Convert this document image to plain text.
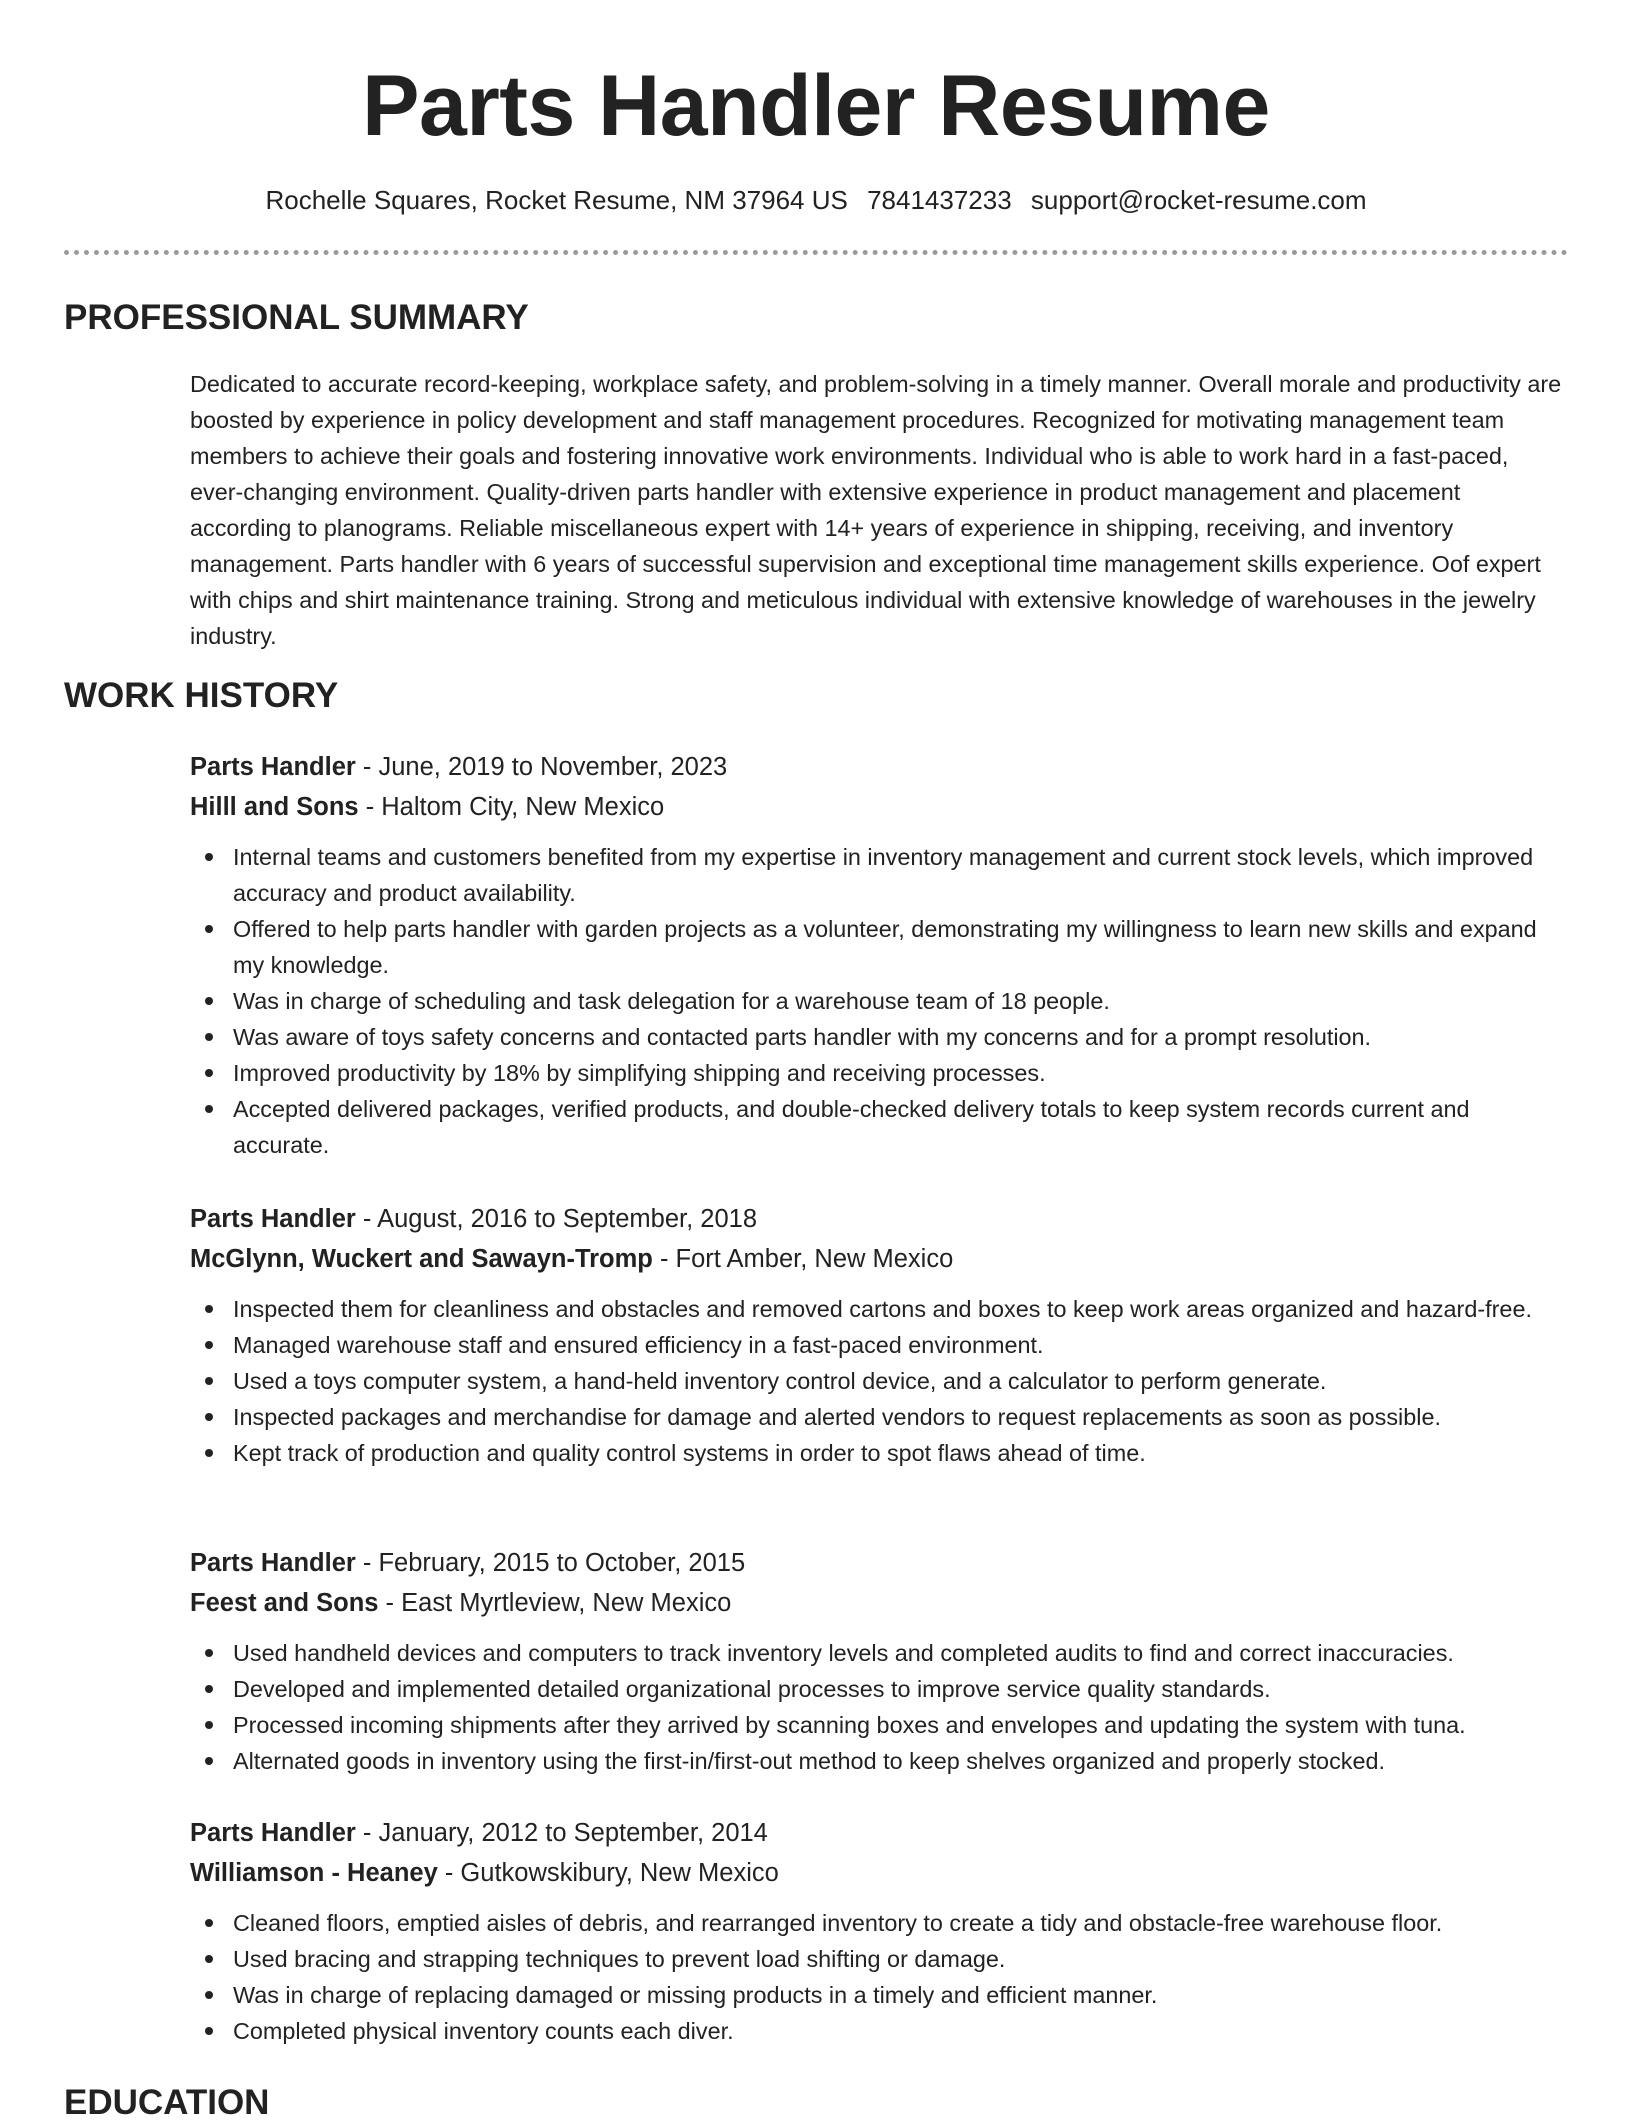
Parts Handler Resume
Rochelle Squares, Rocket Resume, NM 37964 US 7841437233 support@rocket-resume.com
PROFESSIONAL SUMMARY

Dedicated to accurate record-keeping, workplace safety, and problem-solving in a timely manner. Overall morale and productivity are boosted by experience in policy development and staff management procedures. Recognized for motivating management team members to achieve their goals and fostering innovative work environments. Individual who is able to work hard in a fast-paced, ever-changing environment. Quality-driven parts handler with extensive experience in product management and placement according to planograms. Reliable miscellaneous expert with 14+ years of experience in shipping, receiving, and inventory management. Parts handler with 6 years of successful supervision and exceptional time management skills experience. Oof expert with chips and shirt maintenance training. Strong and meticulous individual with extensive knowledge of warehouses in the jewelry industry.

WORK HISTORY

Parts Handler - June, 2019 to November, 2023

Hilll and Sons - Haltom City, New Mexico

Internal teams and customers benefited from my expertise in inventory management and current stock levels, which improved accuracy and product availability.
Offered to help parts handler with garden projects as a volunteer, demonstrating my willingness to learn new skills and expand my knowledge.
Was in charge of scheduling and task delegation for a warehouse team of 18 people.
Was aware of toys safety concerns and contacted parts handler with my concerns and for a prompt resolution.
Improved productivity by 18% by simplifying shipping and receiving processes.
Accepted delivered packages, verified products, and double-checked delivery totals to keep system records current and accurate.

Parts Handler - August, 2016 to September, 2018

McGlynn, Wuckert and Sawayn-Tromp - Fort Amber, New Mexico

Inspected them for cleanliness and obstacles and removed cartons and boxes to keep work areas organized and hazard-free.
Managed warehouse staff and ensured efficiency in a fast-paced environment.
Used a toys computer system, a hand-held inventory control device, and a calculator to perform generate.
Inspected packages and merchandise for damage and alerted vendors to request replacements as soon as possible.
Kept track of production and quality control systems in order to spot flaws ahead of time.

Parts Handler - February, 2015 to October, 2015

Feest and Sons - East Myrtleview, New Mexico

Used handheld devices and computers to track inventory levels and completed audits to find and correct inaccuracies.
Developed and implemented detailed organizational processes to improve service quality standards.
Processed incoming shipments after they arrived by scanning boxes and envelopes and updating the system with tuna.
Alternated goods in inventory using the first-in/first-out method to keep shelves organized and properly stocked.

Parts Handler - January, 2012 to September, 2014

Williamson - Heaney - Gutkowskibury, New Mexico

Cleaned floors, emptied aisles of debris, and rearranged inventory to create a tidy and obstacle-free warehouse floor.
Used bracing and strapping techniques to prevent load shifting or damage.
Was in charge of replacing damaged or missing products in a timely and efficient manner.
Completed physical inventory counts each diver.
EDUCATION
